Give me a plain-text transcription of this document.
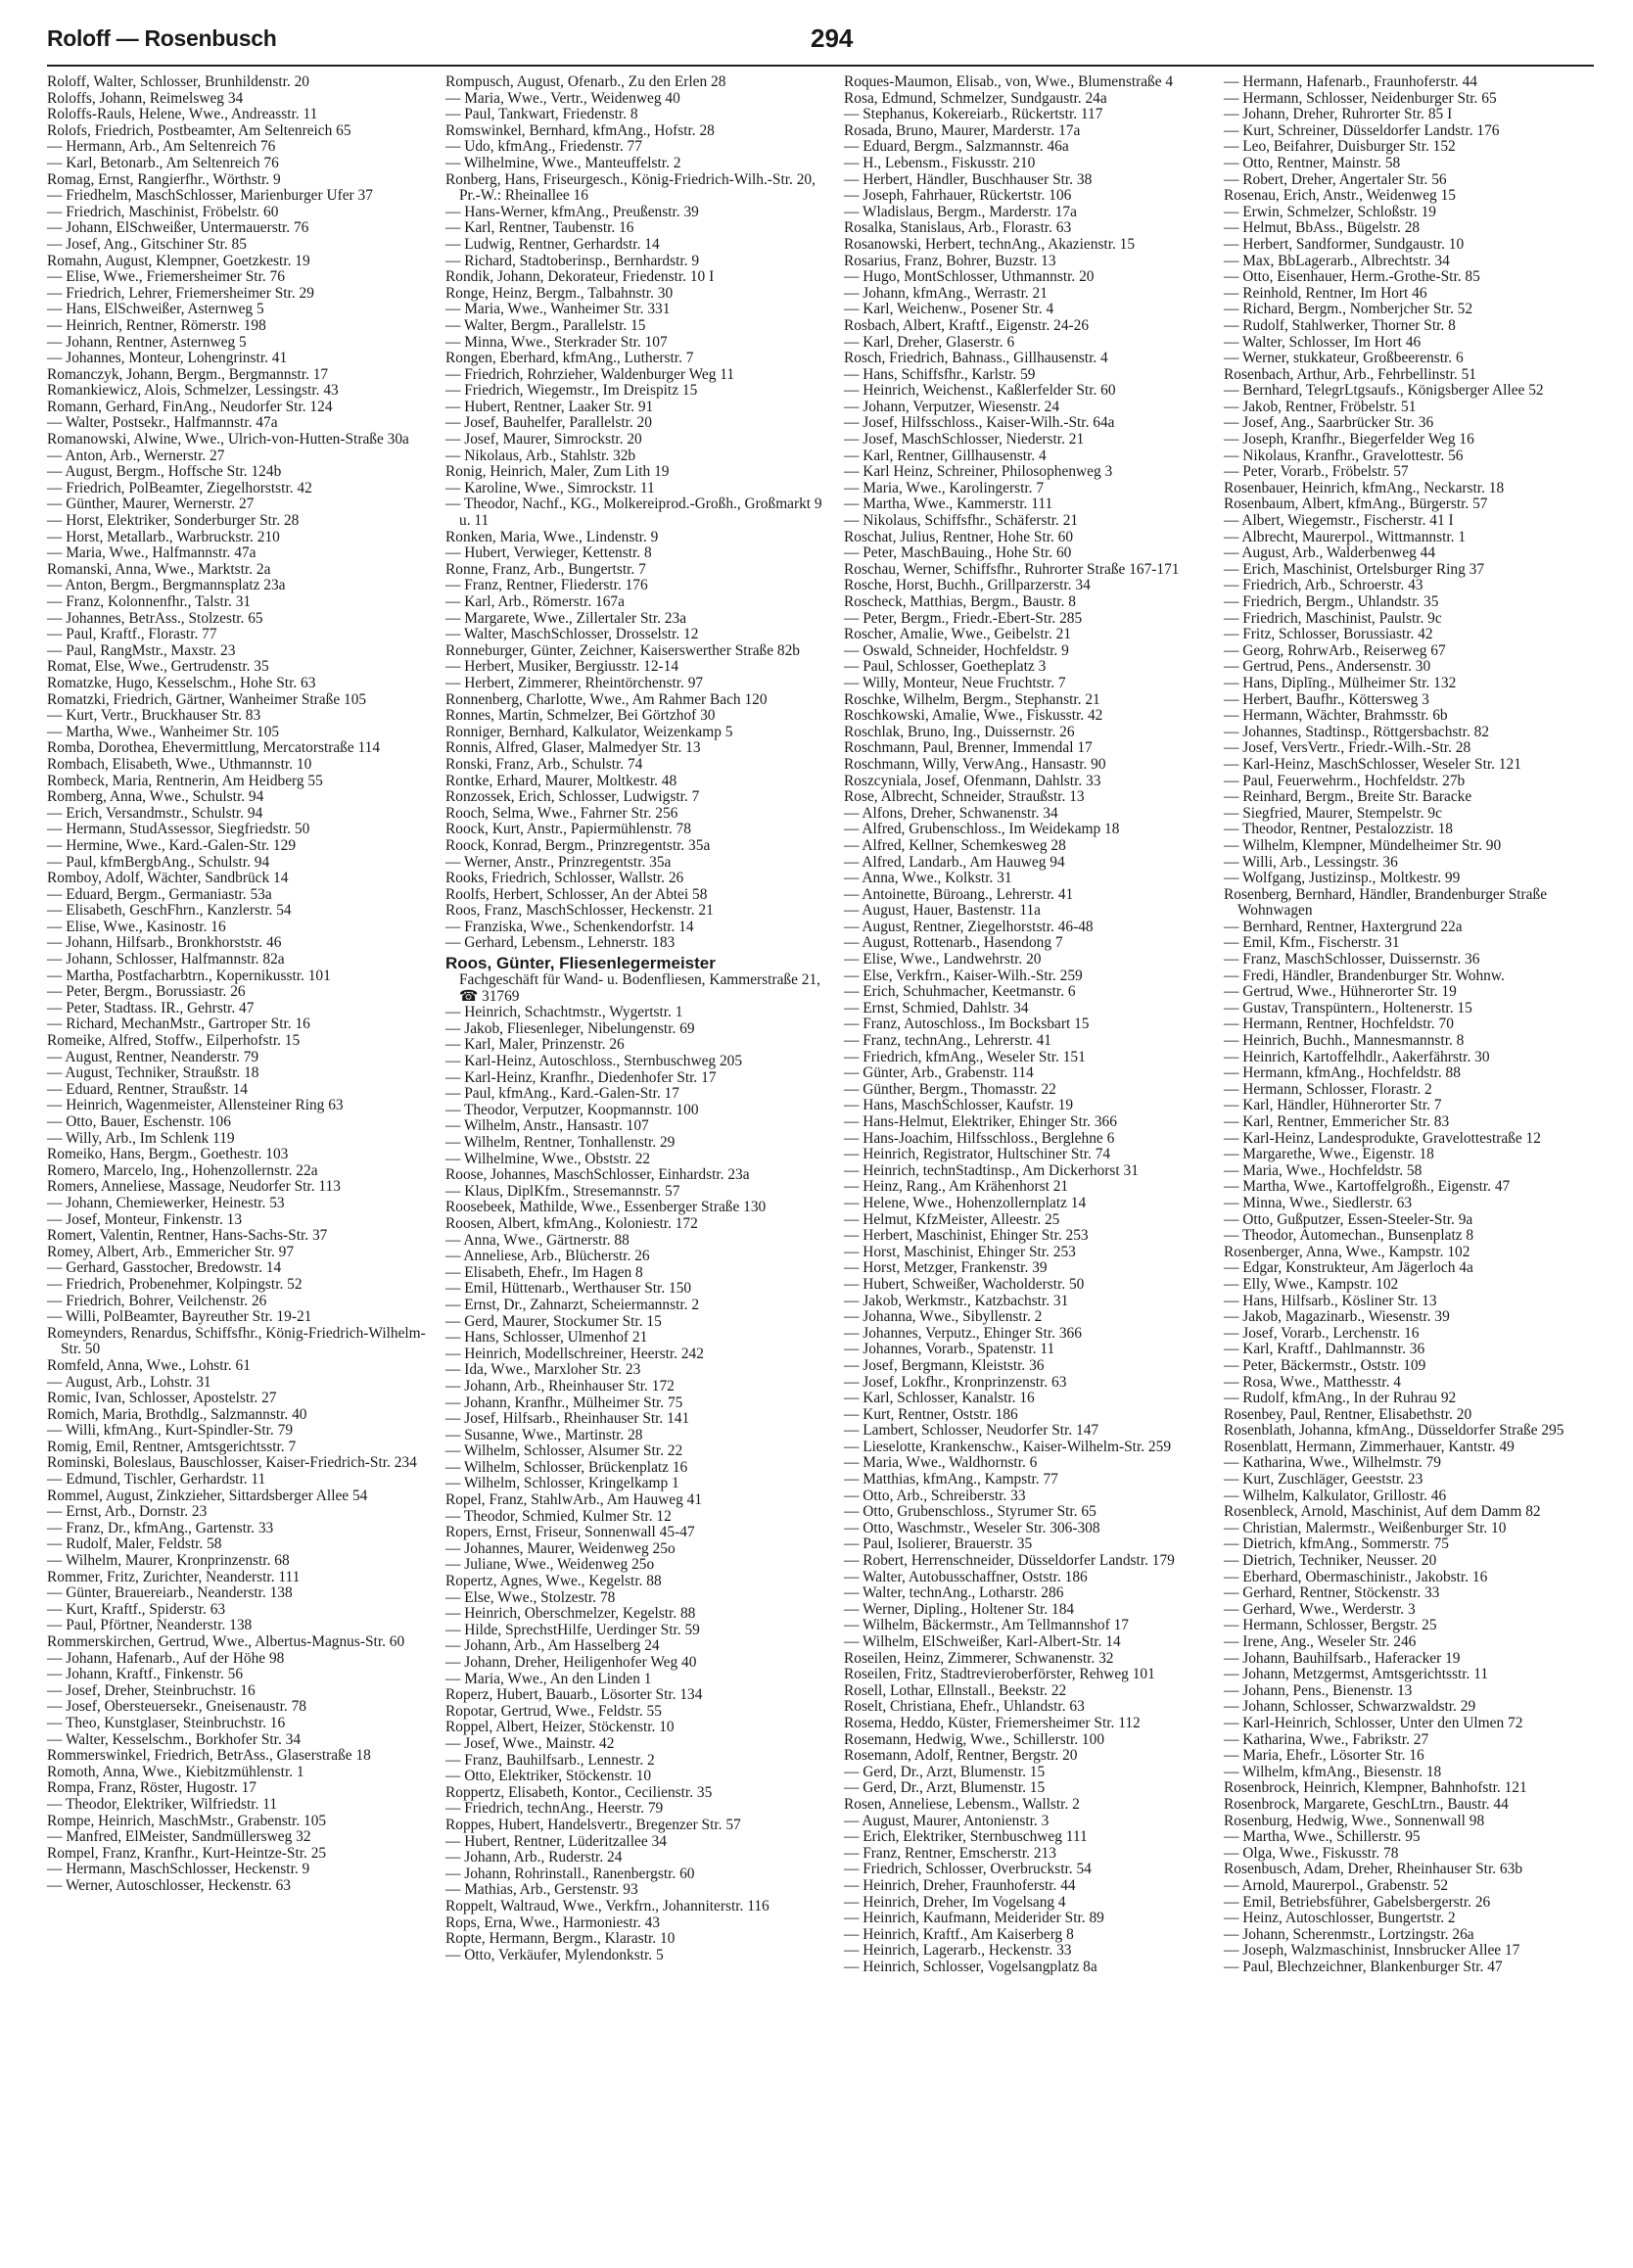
Roloff — Rosenbusch	294

Roloff, Walter, Schlosser, Brunhildenstr. 20

Roloffs, Johann, Reimelsweg 34

Roloffs-Rauls, Helene, Wwe., Andreasstr. 11

Rolofs, Friedrich, Postbeamter, Am Seltenreich 65

— Hermann, Arb., Am Seltenreich 76

— Karl, Betonarb., Am Seltenreich 76

Romag, Ernst, Rangierfhr., Wörthstr. 9

— Friedhelm, MaschSchlosser, Marienburger Ufer 37

— Friedrich, Maschinist, Fröbelstr. 60

— Johann, ElSchweißer, Untermauerstr. 76

— Josef, Ang., Gitschiner Str. 85

Romahn, August, Klempner, Goetzkestr. 19

— Elise, Wwe., Friemersheimer Str. 76

— Friedrich, Lehrer, Friemersheimer Str. 29

— Hans, ElSchweißer, Asternweg 5

— Heinrich, Rentner, Römerstr. 198

— Johann, Rentner, Asternweg 5

— Johannes, Monteur, Lohengrinstr. 41

Romanczyk, Johann, Bergm., Bergmannstr. 17

Romankiewicz, Alois, Schmelzer, Lessingstr. 43

Romann, Gerhard, FinAng., Neudorfer Str. 124

— Walter, Postsekr., Halfmannstr. 47a

Romanowski, Alwine, Wwe., Ulrich-von-Hutten-Straße 30a

— Anton, Arb., Wernerstr. 27

— August, Bergm., Hoffsche Str. 124b

— Friedrich, PolBeamter, Ziegelhorststr. 42

— Günther, Maurer, Wernerstr. 27

— Horst, Elektriker, Sonderburger Str. 28

— Horst, Metallarb., Warbruckstr. 210

— Maria, Wwe., Halfmannstr. 47a

Romanski, Anna, Wwe., Marktstr. 2a

— Anton, Bergm., Bergmannsplatz 23a

— Franz, Kolonnenfhr., Talstr. 31

— Johannes, BetrAss., Stolzestr. 65

— Paul, Kraftf., Florastr. 77

— Paul, RangMstr., Maxstr. 23

Romat, Else, Wwe., Gertrudenstr. 35

Romatzke, Hugo, Kesselschm., Hohe Str. 63

Romatzki, Friedrich, Gärtner, Wanheimer Straße 105

— Kurt, Vertr., Bruckhauser Str. 83

— Martha, Wwe., Wanheimer Str. 105

Romba, Dorothea, Ehevermittlung, Mercatorstraße 114

Rombach, Elisabeth, Wwe., Uthmannstr. 10

Rombeck, Maria, Rentnerin, Am Heidberg 55

Romberg, Anna, Wwe., Schulstr. 94

— Erich, Versandmstr., Schulstr. 94

— Hermann, StudAssessor, Siegfriedstr. 50

— Hermine, Wwe., Kard.-Galen-Str. 129

— Paul, kfmBergbAng., Schulstr. 94

Romboy, Adolf, Wächter, Sandbrück 14

— Eduard, Bergm., Germaniastr. 53a

— Elisabeth, GeschFhrn., Kanzlerstr. 54

— Elise, Wwe., Kasinostr. 16

— Johann, Hilfsarb., Bronkhorststr. 46

— Johann, Schlosser, Halfmannstr. 82a

— Martha, Postfacharbtrn., Kopernikusstr. 101

— Peter, Bergm., Borussiastr. 26

— Peter, Stadtass. IR., Gehrstr. 47

— Richard, MechanMstr., Gartroper Str. 16

Romeike, Alfred, Stoffw., Eilperhofstr. 15

— August, Rentner, Neanderstr. 79

— August, Techniker, Straußstr. 18

— Eduard, Rentner, Straußstr. 14

— Heinrich, Wagenmeister, Allensteiner Ring 63

— Otto, Bauer, Eschenstr. 106

— Willy, Arb., Im Schlenk 119

Romeiko, Hans, Bergm., Goethestr. 103

Romero, Marcelo, Ing., Hohenzollernstr. 22a

Romers, Anneliese, Massage, Neudorfer Str. 113

— Johann, Chemiewerker, Heinestr. 53

— Josef, Monteur, Finkenstr. 13

Romert, Valentin, Rentner, Hans-Sachs-Str. 37

Romey, Albert, Arb., Emmericher Str. 97

— Gerhard, Gasstocher, Bredowstr. 14

— Friedrich, Probenehmer, Kolpingstr. 52

— Friedrich, Bohrer, Veilchenstr. 26

— Willi, PolBeamter, Bayreuther Str. 19-21

Romeynders, Renardus, Schiffsfhr., König-Friedrich-Wilhelm-Str. 50

Romfeld, Anna, Wwe., Lohstr. 61

— August, Arb., Lohstr. 31

Romic, Ivan, Schlosser, Apostelstr. 27

Romich, Maria, Brothdlg., Salzmannstr. 40

— Willi, kfmAng., Kurt-Spindler-Str. 79

Romig, Emil, Rentner, Amtsgerichtsstr. 7

Rominski, Boleslaus, Bauschlosser, Kaiser-Friedrich-Str. 234

— Edmund, Tischler, Gerhardstr. 11

Rommel, August, Zinkzieher, Sittardsberger Allee 54

— Ernst, Arb., Dornstr. 23

— Franz, Dr., kfmAng., Gartenstr. 33

— Rudolf, Maler, Feldstr. 58

— Wilhelm, Maurer, Kronprinzenstr. 68

Rommer, Fritz, Zurichter, Neanderstr. 111

— Günter, Brauereiarb., Neanderstr. 138

— Kurt, Kraftf., Spiderstr. 63

— Paul, Pförtner, Neanderstr. 138

Rommerskirchen, Gertrud, Wwe., Albertus-Magnus-Str. 60

— Johann, Hafenarb., Auf der Höhe 98

— Johann, Kraftf., Finkenstr. 56

— Josef, Dreher, Steinbruchstr. 16

— Josef, Obersteuersekr., Gneisenaustr. 78

— Theo, Kunstglaser, Steinbruchstr. 16

— Walter, Kesselschm., Borkhofer Str. 34

Rommerswinkel, Friedrich, BetrAss., Glaserstraße 18

Romoth, Anna, Wwe., Kiebitzmühlenstr. 1

Rompa, Franz, Röster, Hugostr. 17

— Theodor, Elektriker, Wilfriedstr. 11

Rompe, Heinrich, MaschMstr., Grabenstr. 105

— Manfred, ElMeister, Sandmüllersweg 32

Rompel, Franz, Kranfhr., Kurt-Heintze-Str. 25

— Hermann, MaschSchlosser, Heckenstr. 9

— Werner, Autoschlosser, Heckenstr. 63

Rompusch, August, Ofenarb., Zu den Erlen 28

— Maria, Wwe., Vertr., Weidenweg 40

— Paul, Tankwart, Friedenstr. 8

Romswinkel, Bernhard, kfmAng., Hofstr. 28

— Udo, kfmAng., Friedenstr. 77

— Wilhelmine, Wwe., Manteuffelstr. 2

Ronberg, Hans, Friseurgesch., König-Friedrich-Wilh.-Str. 20, Pr.-W.: Rheinallee 16

— Hans-Werner, kfmAng., Preußenstr. 39

— Karl, Rentner, Taubenstr. 16

— Ludwig, Rentner, Gerhardstr. 14

— Richard, Stadtoberinsp., Bernhardstr. 9

Rondik, Johann, Dekorateur, Friedenstr. 10 I

Ronge, Heinz, Bergm., Talbahnstr. 30

— Maria, Wwe., Wanheimer Str. 331

— Walter, Bergm., Parallelstr. 15

— Minna, Wwe., Sterkrader Str. 107

Rongen, Eberhard, kfmAng., Lutherstr. 7

— Friedrich, Rohrzieher, Waldenburger Weg 11

— Friedrich, Wiegemstr., Im Dreispitz 15

— Hubert, Rentner, Laaker Str. 91

— Josef, Bauhelfer, Parallelstr. 20

— Josef, Maurer, Simrockstr. 20

— Nikolaus, Arb., Stahlstr. 32b

Ronig, Heinrich, Maler, Zum Lith 19

— Karoline, Wwe., Simrockstr. 11

— Theodor, Nachf., KG., Molkereiprod.-Großh., Großmarkt 9 u. 11

Ronken, Maria, Wwe., Lindenstr. 9

— Hubert, Verwieger, Kettenstr. 8

Ronne, Franz, Arb., Bungertstr. 7

— Franz, Rentner, Fliederstr. 176

— Karl, Arb., Römerstr. 167a

— Margarete, Wwe., Zillertaler Str. 23a

— Walter, MaschSchlosser, Drosselstr. 12

Ronneburger, Günter, Zeichner, Kaiserswerther Straße 82b

— Herbert, Musiker, Bergiusstr. 12-14

— Herbert, Zimmerer, Rheintörchenstr. 97

Ronnenberg, Charlotte, Wwe., Am Rahmer Bach 120

Ronnes, Martin, Schmelzer, Bei Görtzhof 30

Ronniger, Bernhard, Kalkulator, Weizenkamp 5

Ronnis, Alfred, Glaser, Malmedyer Str. 13

Ronski, Franz, Arb., Schulstr. 74

Rontke, Erhard, Maurer, Moltkestr. 48

Ronzossek, Erich, Schlosser, Ludwigstr. 7

Rooch, Selma, Wwe., Fahrner Str. 256

Roock, Kurt, Anstr., Papiermühlenstr. 78

Roock, Konrad, Bergm., Prinzregentstr. 35a

— Werner, Anstr., Prinzregentstr. 35a

Rooks, Friedrich, Schlosser, Wallstr. 26

Roolfs, Herbert, Schlosser, An der Abtei 58

Roos, Franz, MaschSchlosser, Heckenstr. 21

— Franziska, Wwe., Schenkendorfstr. 14

— Gerhard, Lebensm., Lehnerstr. 183

Roos, Günter, Fliesenlegermeister

Fachgeschäft für Wand- u. Bodenfliesen, Kammerstraße 21, ☎ 31769

— Heinrich, Schachtmstr., Wygertstr. 1

— Jakob, Fliesenleger, Nibelungenstr. 69

— Karl, Maler, Prinzenstr. 26

— Karl-Heinz, Autoschloss., Sternbuschweg 205

— Karl-Heinz, Kranfhr., Diedenhofer Str. 17

— Paul, kfmAng., Kard.-Galen-Str. 17

— Theodor, Verputzer, Koopmannstr. 100

— Wilhelm, Anstr., Hansastr. 107

— Wilhelm, Rentner, Tonhallenstr. 29

— Wilhelmine, Wwe., Obststr. 22

Roose, Johannes, MaschSchlosser, Einhardstr. 23a

— Klaus, DiplKfm., Stresemannstr. 57

Roosebeek, Mathilde, Wwe., Essenberger Straße 130

Roosen, Albert, kfmAng., Koloniestr. 172

— Anna, Wwe., Gärtnerstr. 88

— Anneliese, Arb., Blücherstr. 26

— Elisabeth, Ehefr., Im Hagen 8

— Emil, Hüttenarb., Werthauser Str. 150

— Ernst, Dr., Zahnarzt, Scheiermannstr. 2

— Gerd, Maurer, Stockumer Str. 15

— Hans, Schlosser, Ulmenhof 21

— Heinrich, Modellschreiner, Heerstr. 242

— Ida, Wwe., Marxloher Str. 23

— Johann, Arb., Rheinhauser Str. 172

— Johann, Kranfhr., Mülheimer Str. 75

— Josef, Hilfsarb., Rheinhauser Str. 141

— Susanne, Wwe., Martinstr. 28

— Wilhelm, Schlosser, Alsumer Str. 22

— Wilhelm, Schlosser, Brückenplatz 16

— Wilhelm, Schlosser, Kringelkamp 1

Ropel, Franz, StahlwArb., Am Hauweg 41

— Theodor, Schmied, Kulmer Str. 12

Ropers, Ernst, Friseur, Sonnenwall 45-47

— Johannes, Maurer, Weidenweg 25o

— Juliane, Wwe., Weidenweg 25o

Ropertz, Agnes, Wwe., Kegelstr. 88

— Else, Wwe., Stolzestr. 78

— Heinrich, Oberschmelzer, Kegelstr. 88

— Hilde, SprechstHilfe, Uerdinger Str. 59

— Johann, Arb., Am Hasselberg 24

— Johann, Dreher, Heiligenhofer Weg 40

— Maria, Wwe., An den Linden 1

Roperz, Hubert, Bauarb., Lösorter Str. 134

Ropotar, Gertrud, Wwe., Feldstr. 55

Roppel, Albert, Heizer, Stöckenstr. 10

— Josef, Wwe., Mainstr. 42

— Franz, Bauhilfsarb., Lennestr. 2

— Otto, Elektriker, Stöckenstr. 10

Roppertz, Elisabeth, Kontor., Cecilienstr. 35

— Friedrich, technAng., Heerstr. 79

Roppes, Hubert, Handelsvertr., Bregenzer Str. 57

— Hubert, Rentner, Lüderitzallee 34

— Johann, Arb., Ruderstr. 24

— Johann, Rohrinstall., Ranenbergstr. 60

— Mathias, Arb., Gerstenstr. 93

Roppelt, Waltraud, Wwe., Verkfrn., Johanniterstr. 116

Rops, Erna, Wwe., Harmoniestr. 43

Ropte, Hermann, Bergm., Klarastr. 10

— Otto, Verkäufer, Mylendonkstr. 5

Roques-Maumon, Elisab., von, Wwe., Blumenstraße 4

Rosa, Edmund, Schmelzer, Sundgaustr. 24a

— Stephanus, Kokereiarb., Rückertstr. 117

Rosada, Bruno, Maurer, Marderstr. 17a

— Eduard, Bergm., Salzmannstr. 46a

— H., Lebensm., Fiskusstr. 210

— Herbert, Händler, Buschhauser Str. 38

— Joseph, Fahrhauer, Rückertstr. 106

— Wladislaus, Bergm., Marderstr. 17a

Rosalka, Stanislaus, Arb., Florastr. 63

Rosanowski, Herbert, technAng., Akazienstr. 15

Rosarius, Franz, Bohrer, Buzstr. 13

— Hugo, MontSchlosser, Uthmannstr. 20

— Johann, kfmAng., Werrastr. 21

— Karl, Weichenw., Posener Str. 4

Rosbach, Albert, Kraftf., Eigenstr. 24-26

— Karl, Dreher, Glaserstr. 6

Rosch, Friedrich, Bahnass., Gillhausenstr. 4

— Hans, Schiffsfhr., Karlstr. 59

— Heinrich, Weichenst., Kaßlerfelder Str. 60

— Johann, Verputzer, Wiesenstr. 24

— Josef, Hilfsschloss., Kaiser-Wilh.-Str. 64a

— Josef, MaschSchlosser, Niederstr. 21

— Karl, Rentner, Gillhausenstr. 4

— Karl Heinz, Schreiner, Philosophenweg 3

— Maria, Wwe., Karolingerstr. 7

— Martha, Wwe., Kammerstr. 111

— Nikolaus, Schiffsfhr., Schäferstr. 21

Roschat, Julius, Rentner, Hohe Str. 60

— Peter, MaschBauing., Hohe Str. 60

Roschau, Werner, Schiffsfhr., Ruhrorter Straße 167-171

Rosche, Horst, Buchh., Grillparzerstr. 34

Roscheck, Matthias, Bergm., Baustr. 8

— Peter, Bergm., Friedr.-Ebert-Str. 285

Roscher, Amalie, Wwe., Geibelstr. 21

— Oswald, Schneider, Hochfeldstr. 9

— Paul, Schlosser, Goetheplatz 3

— Willy, Monteur, Neue Fruchtstr. 7

Roschke, Wilhelm, Bergm., Stephanstr. 21

Roschkowski, Amalie, Wwe., Fiskusstr. 42

Roschlak, Bruno, Ing., Duissernstr. 26

Roschmann, Paul, Brenner, Immendal 17

Roschmann, Willy, VerwAng., Hansastr. 90

Roszcyniala, Josef, Ofenmann, Dahlstr. 33

Rose, Albrecht, Schneider, Straußstr. 13

— Alfons, Dreher, Schwanenstr. 34

— Alfred, Grubenschloss., Im Weidekamp 18

— Alfred, Kellner, Schemkesweg 28

— Alfred, Landarb., Am Hauweg 94

— Anna, Wwe., Kolkstr. 31

— Antoinette, Büroang., Lehrerstr. 41

— August, Hauer, Bastenstr. 11a

— August, Rentner, Ziegelhorststr. 46-48

— August, Rottenarb., Hasendong 7

— Elise, Wwe., Landwehrstr. 20

— Else, Verkfrn., Kaiser-Wilh.-Str. 259

— Erich, Schuhmacher, Keetmanstr. 6

— Ernst, Schmied, Dahlstr. 34

— Franz, Autoschloss., Im Bocksbart 15

— Franz, technAng., Lehrerstr. 41

— Friedrich, kfmAng., Weseler Str. 151

— Günter, Arb., Grabenstr. 114

— Günther, Bergm., Thomasstr. 22

— Hans, MaschSchlosser, Kaufstr. 19

— Hans-Helmut, Elektriker, Ehinger Str. 366

— Hans-Joachim, Hilfsschloss., Berglehne 6

— Heinrich, Registrator, Hultschiner Str. 74

— Heinrich, technStadtinsp., Am Dickerhorst 31

— Heinz, Rang., Am Krähenhorst 21

— Helene, Wwe., Hohenzollernplatz 14

— Helmut, KfzMeister, Alleestr. 25

— Herbert, Maschinist, Ehinger Str. 253

— Horst, Maschinist, Ehinger Str. 253

— Horst, Metzger, Frankenstr. 39

— Hubert, Schweißer, Wacholderstr. 50

— Jakob, Werkmstr., Katzbachstr. 31

— Johanna, Wwe., Sibyllenstr. 2

— Johannes, Verputz., Ehinger Str. 366

— Johannes, Vorarb., Spatenstr. 11

— Josef, Bergmann, Kleiststr. 36

— Josef, Lokfhr., Kronprinzenstr. 63

— Karl, Schlosser, Kanalstr. 16

— Kurt, Rentner, Oststr. 186

— Lambert, Schlosser, Neudorfer Str. 147

— Lieselotte, Krankenschw., Kaiser-Wilhelm-Str. 259

— Maria, Wwe., Waldhornstr. 6

— Matthias, kfmAng., Kampstr. 77

— Otto, Arb., Schreiberstr. 33

— Otto, Grubenschloss., Styrumer Str. 65

— Otto, Waschmstr., Weseler Str. 306-308

— Paul, Isolierer, Brauerstr. 35

— Robert, Herrenschneider, Düsseldorfer Landstr. 179

— Walter, Autobusschaffner, Oststr. 186

— Walter, technAng., Lotharstr. 286

— Werner, Dipling., Holtener Str. 184

— Wilhelm, Bäckermstr., Am Tellmannshof 17

— Wilhelm, ElSchweißer, Karl-Albert-Str. 14

Roseilen, Heinz, Zimmerer, Schwanenstr. 32

Roseilen, Fritz, Stadtrevieroberförster, Rehweg 101

Rosell, Lothar, Ellnstall., Beekstr. 22

Roselt, Christiana, Ehefr., Uhlandstr. 63

Rosema, Heddo, Küster, Friemersheimer Str. 112

Rosemann, Hedwig, Wwe., Schillerstr. 100

Rosemann, Adolf, Rentner, Bergstr. 20

— Gerd, Dr., Arzt, Blumenstr. 15

— Gerd, Dr., Arzt, Blumenstr. 15

Rosen, Anneliese, Lebensm., Wallstr. 2

— August, Maurer, Antonienstr. 3

— Erich, Elektriker, Sternbuschweg 111

— Franz, Rentner, Emscherstr. 213

— Friedrich, Schlosser, Overbruckstr. 54

— Heinrich, Dreher, Fraunhoferstr. 44

— Heinrich, Dreher, Im Vogelsang 4

— Heinrich, Kaufmann, Meiderider Str. 89

— Heinrich, Kraftf., Am Kaiserberg 8

— Heinrich, Lagerarb., Heckenstr. 33

— Heinrich, Schlosser, Vogelsangplatz 8a

— Hermann, Hafenarb., Fraunhoferstr. 44

— Hermann, Schlosser, Neidenburger Str. 65

— Johann, Dreher, Ruhrorter Str. 85 I

— Kurt, Schreiner, Düsseldorfer Landstr. 176

— Leo, Beifahrer, Duisburger Str. 152

— Otto, Rentner, Mainstr. 58

— Robert, Dreher, Angertaler Str. 56

Rosenau, Erich, Anstr., Weidenweg 15

— Erwin, Schmelzer, Schloßstr. 19

— Helmut, BbAss., Bügelstr. 28

— Herbert, Sandformer, Sundgaustr. 10

— Max, BbLagerarb., Albrechtstr. 34

— Otto, Eisenhauer, Herm.-Grothe-Str. 85

— Reinhold, Rentner, Im Hort 46

— Richard, Bergm., Nomberjcher Str. 52

— Rudolf, Stahlwerker, Thorner Str. 8

— Walter, Schlosser, Im Hort 46

— Werner, stukkateur, Großbeerenstr. 6

Rosenbach, Arthur, Arb., Fehrbellinstr. 51

— Bernhard, TelegrLtgsaufs., Königsberger Allee 52

— Jakob, Rentner, Fröbelstr. 51

— Josef, Ang., Saarbrücker Str. 36

— Joseph, Kranfhr., Biegerfelder Weg 16

— Nikolaus, Kranfhr., Gravelottestr. 56

— Peter, Vorarb., Fröbelstr. 57

Rosenbauer, Heinrich, kfmAng., Neckarstr. 18

Rosenbaum, Albert, kfmAng., Bürgerstr. 57

— Albert, Wiegemstr., Fischerstr. 41 I

— Albrecht, Maurerpol., Wittmannstr. 1

— August, Arb., Walderbenweg 44

— Erich, Maschinist, Ortelsburger Ring 37

— Friedrich, Arb., Schroerstr. 43

— Friedrich, Bergm., Uhlandstr. 35

— Friedrich, Maschinist, Paulstr. 9c

— Fritz, Schlosser, Borussiastr. 42

— Georg, RohrwArb., Reiserweg 67

— Gertrud, Pens., Andersenstr. 30

— Hans, Diplīng., Mülheimer Str. 132

— Herbert, Baufhr., Köttersweg 3

— Hermann, Wächter, Brahmsstr. 6b

— Johannes, Stadtinsp., Röttgersbachstr. 82

— Josef, VersVertr., Friedr.-Wilh.-Str. 28

— Karl-Heinz, MaschSchlosser, Weseler Str. 121

— Paul, Feuerwehrm., Hochfeldstr. 27b

— Reinhard, Bergm., Breite Str. Baracke

— Siegfried, Maurer, Stempelstr. 9c

— Theodor, Rentner, Pestalozzistr. 18

— Wilhelm, Klempner, Mündelheimer Str. 90

— Willi, Arb., Lessingstr. 36

— Wolfgang, Justizinsp., Moltkestr. 99

Rosenberg, Bernhard, Händler, Brandenburger Straße Wohnwagen

— Bernhard, Rentner, Haxtergrund 22a

— Emil, Kfm., Fischerstr. 31

— Franz, MaschSchlosser, Duissernstr. 36

— Fredi, Händler, Brandenburger Str. Wohnw.

— Gertrud, Wwe., Hühnerorter Str. 19

— Gustav, Transpüntern., Holtenerstr. 15

— Hermann, Rentner, Hochfeldstr. 70

— Heinrich, Buchh., Mannesmannstr. 8

— Heinrich, Kartoffelhdlr., Aakerfährstr. 30

— Hermann, kfmAng., Hochfeldstr. 88

— Hermann, Schlosser, Florastr. 2

— Karl, Händler, Hühnerorter Str. 7

— Karl, Rentner, Emmericher Str. 83

— Karl-Heinz, Landesprodukte, Gravelottestraße 12

— Margarethe, Wwe., Eigenstr. 18

— Maria, Wwe., Hochfeldstr. 58

— Martha, Wwe., Kartoffelgroßh., Eigenstr. 47

— Minna, Wwe., Siedlerstr. 63

— Otto, Gußputzer, Essen-Steeler-Str. 9a

— Theodor, Automechan., Bunsenplatz 8

Rosenberger, Anna, Wwe., Kampstr. 102

— Edgar, Konstrukteur, Am Jägerloch 4a

— Elly, Wwe., Kampstr. 102

— Hans, Hilfsarb., Kösliner Str. 13

— Jakob, Magazinarb., Wiesenstr. 39

— Josef, Vorarb., Lerchenstr. 16

— Karl, Kraftf., Dahlmannstr. 36

— Peter, Bäckermstr., Oststr. 109

— Rosa, Wwe., Matthesstr. 4

— Rudolf, kfmAng., In der Ruhrau 92

Rosenbey, Paul, Rentner, Elisabethstr. 20

Rosenblath, Johanna, kfmAng., Düsseldorfer Straße 295

Rosenblatt, Hermann, Zimmerhauer, Kantstr. 49

— Katharina, Wwe., Wilhelmstr. 79

— Kurt, Zuschläger, Geeststr. 23

— Wilhelm, Kalkulator, Grillostr. 46

Rosenbleck, Arnold, Maschinist, Auf dem Damm 82

— Christian, Malermstr., Weißenburger Str. 10

— Dietrich, kfmAng., Sommerstr. 75

— Dietrich, Techniker, Neusser. 20

— Eberhard, Obermaschinistr., Jakobstr. 16

— Gerhard, Rentner, Stöckenstr. 33

— Gerhard, Wwe., Werderstr. 3

— Hermann, Schlosser, Bergstr. 25

— Irene, Ang., Weseler Str. 246

— Johann, Bauhilfsarb., Haferacker 19

— Johann, Metzgermst, Amtsgerichtsstr. 11

— Johann, Pens., Bienenstr. 13

— Johann, Schlosser, Schwarzwaldstr. 29

— Karl-Heinrich, Schlosser, Unter den Ulmen 72

— Katharina, Wwe., Fabrikstr. 27

— Maria, Ehefr., Lösorter Str. 16

— Wilhelm, kfmAng., Biesenstr. 18

Rosenbrock, Heinrich, Klempner, Bahnhofstr. 121

Rosenbrock, Margarete, GeschLtrn., Baustr. 44

Rosenburg, Hedwig, Wwe., Sonnenwall 98

— Martha, Wwe., Schillerstr. 95

— Olga, Wwe., Fiskusstr. 78

Rosenbusch, Adam, Dreher, Rheinhauser Str. 63b

— Arnold, Maurerpol., Grabenstr. 52

— Emil, Betriebsführer, Gabelsbergerstr. 26

— Heinz, Autoschlosser, Bungertstr. 2

— Johann, Scherenmstr., Lortzingstr. 26a

— Joseph, Walzmaschinist, Innsbrucker Allee 17

— Paul, Blechzeichner, Blankenburger Str. 47
